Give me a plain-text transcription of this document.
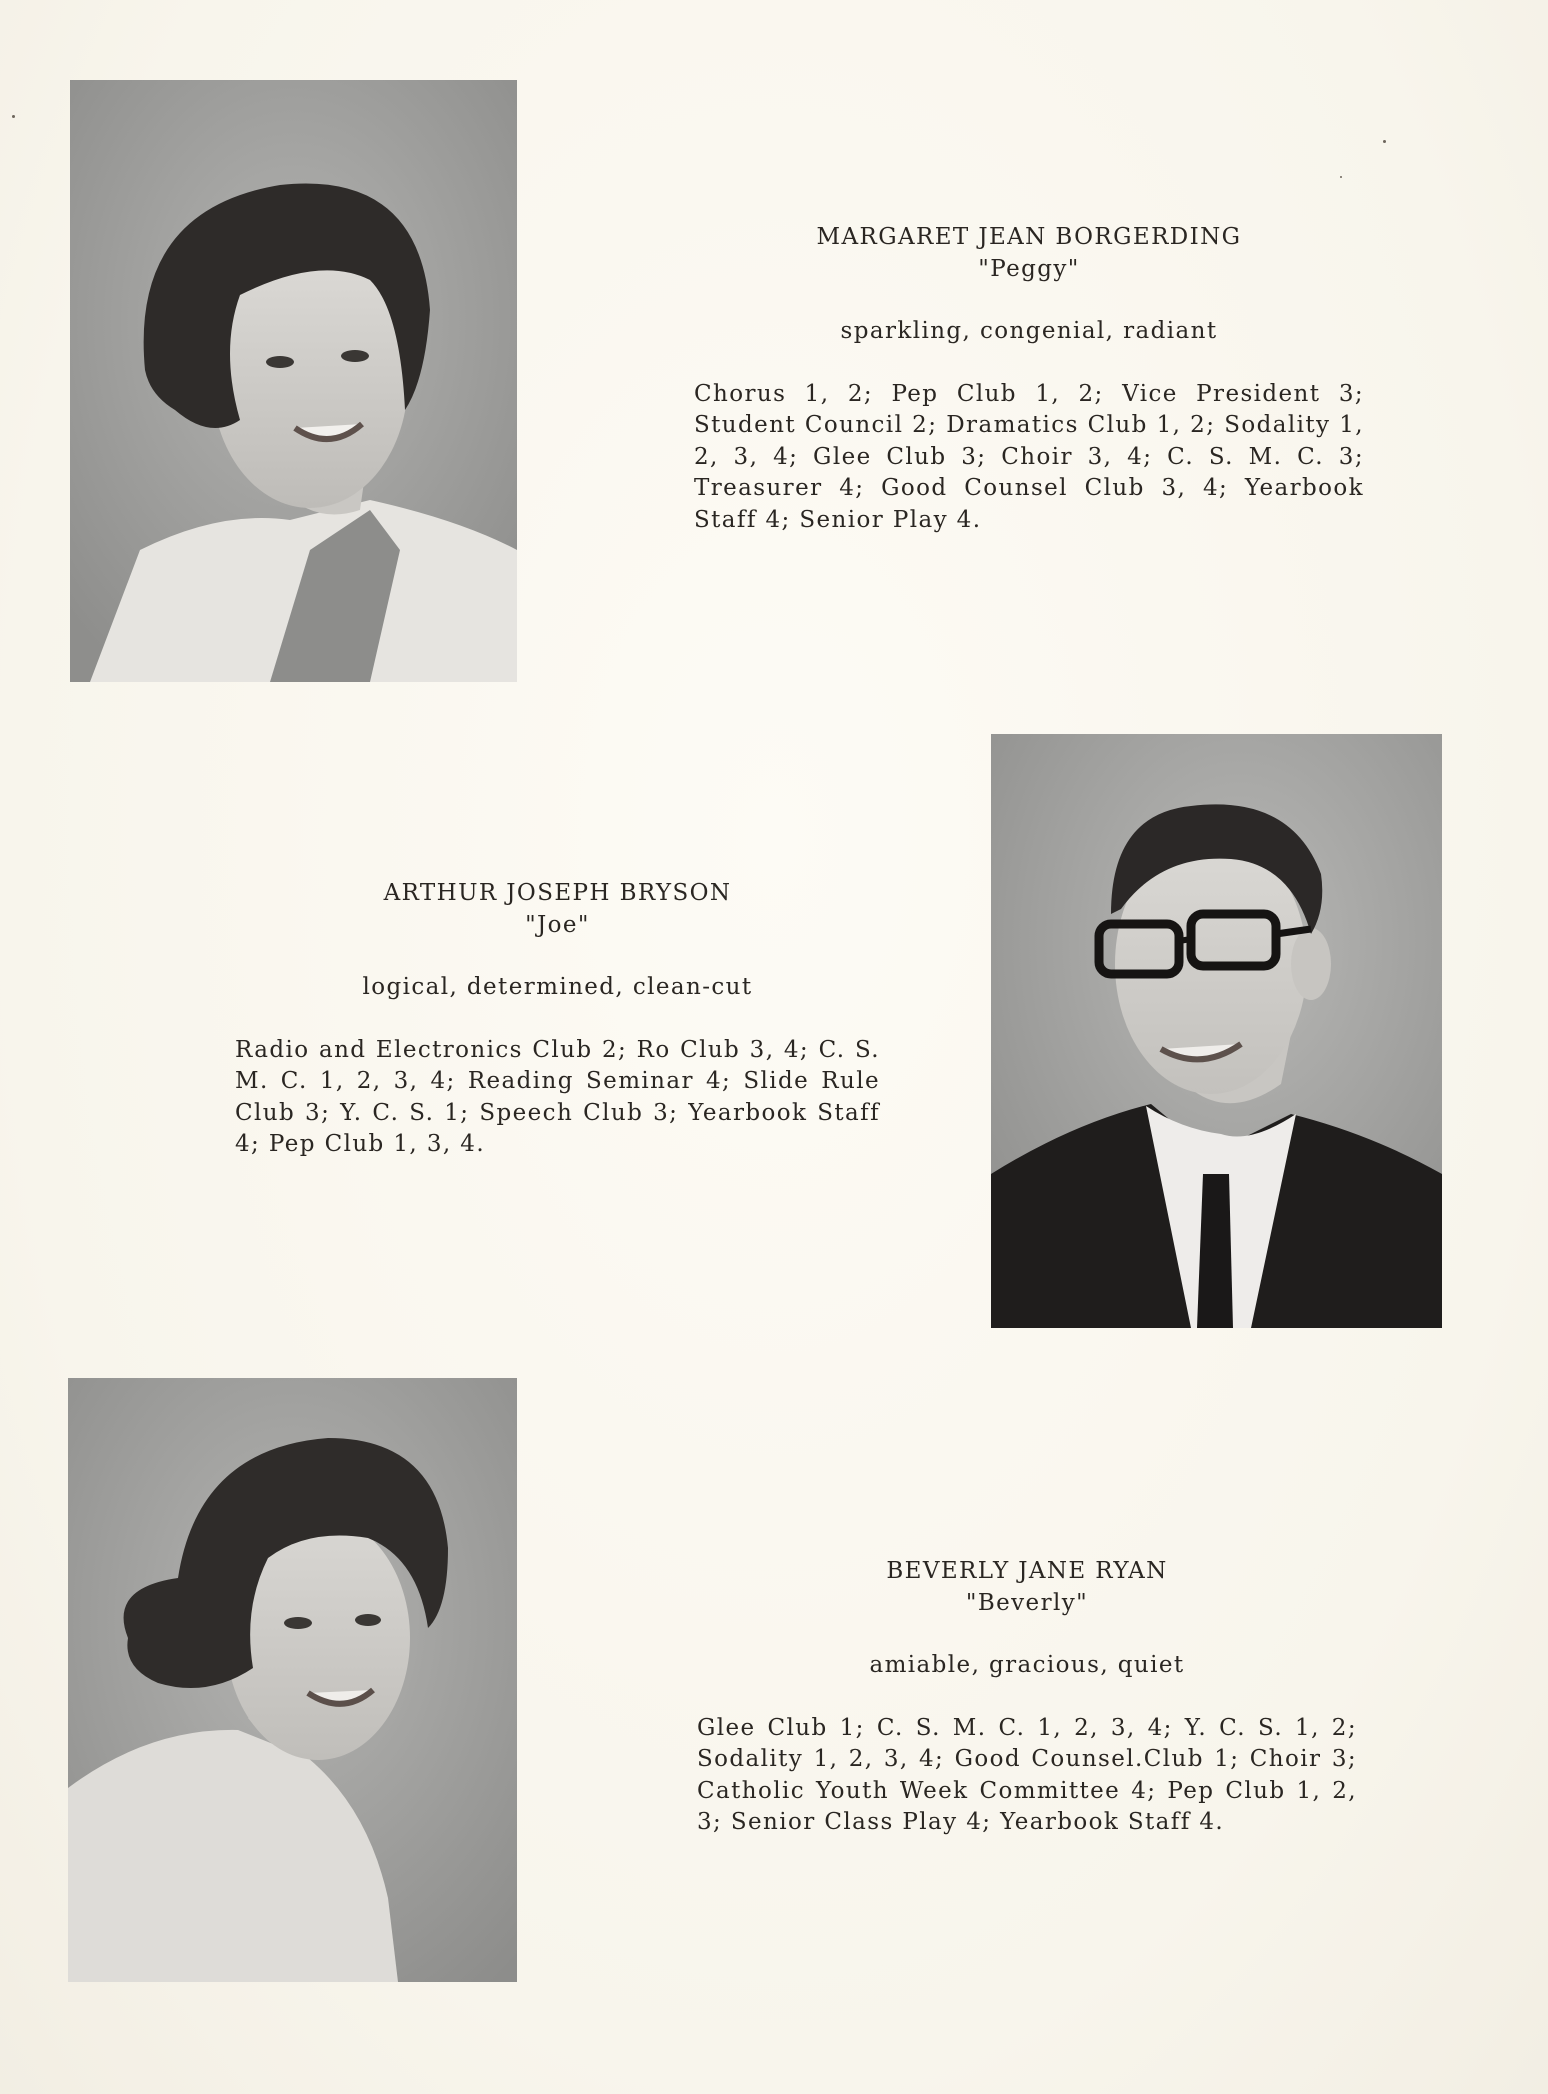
MARGARET JEAN BORGERDING
"Peggy"
sparkling, congenial, radiant
Chorus 1, 2; Pep Club 1, 2; Vice President 3; Student Council 2; Dramatics Club 1, 2; Sodality 1, 2, 3, 4; Glee Club 3; Choir 3, 4; C. S. M. C. 3; Treasurer 4; Good Counsel Club 3, 4; Yearbook Staff 4; Senior Play 4.
ARTHUR JOSEPH BRYSON
"Joe"
logical, determined, clean-cut
Radio and Electronics Club 2; Ro Club 3, 4; C. S. M. C. 1, 2, 3, 4; Reading Seminar 4; Slide Rule Club 3; Y. C. S. 1; Speech Club 3; Yearbook Staff 4; Pep Club 1, 3, 4.
BEVERLY JANE RYAN
"Beverly"
amiable, gracious, quiet
Glee Club 1; C. S. M. C. 1, 2, 3, 4; Y. C. S. 1, 2; Sodality 1, 2, 3, 4; Good Counsel.Club 1; Choir 3; Catholic Youth Week Committee 4; Pep Club 1, 2, 3; Senior Class Play 4; Yearbook Staff 4.
